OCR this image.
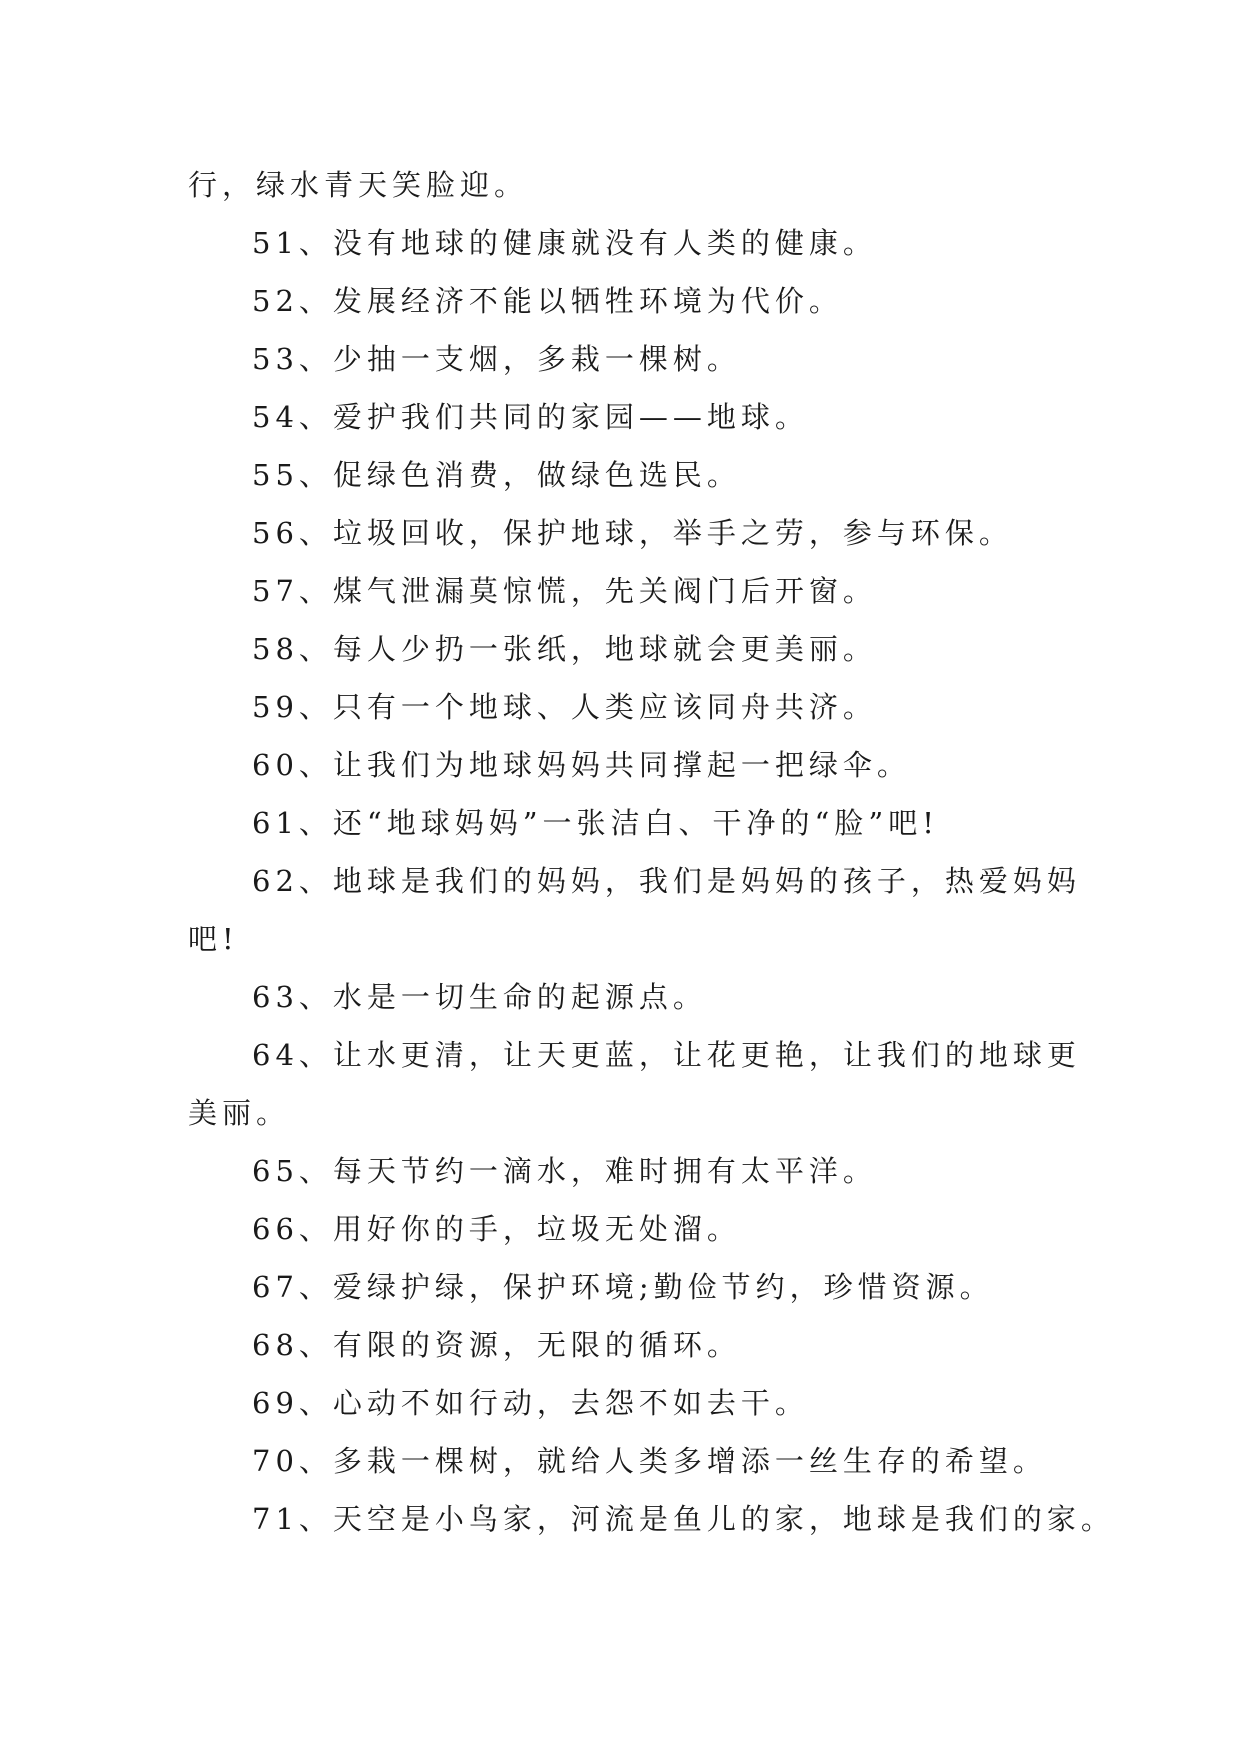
行，绿水青天笑脸迎。
51、没有地球的健康就没有人类的健康。
52、发展经济不能以牺牲环境为代价。
53、少抽一支烟，多栽一棵树。
54、爱护我们共同的家园——地球。
55、促绿色消费，做绿色选民。
56、垃圾回收，保护地球，举手之劳，参与环保。
57、煤气泄漏莫惊慌，先关阀门后开窗。
58、每人少扔一张纸，地球就会更美丽。
59、只有一个地球、人类应该同舟共济。
60、让我们为地球妈妈共同撑起一把绿伞。
61、还“地球妈妈”一张洁白、干净的“脸”吧!
62、地球是我们的妈妈，我们是妈妈的孩子，热爱妈妈
吧!
63、水是一切生命的起源点。
64、让水更清，让天更蓝，让花更艳，让我们的地球更
美丽。
65、每天节约一滴水，难时拥有太平洋。
66、用好你的手，垃圾无处溜。
67、爱绿护绿，保护环境;勤俭节约，珍惜资源。
68、有限的资源，无限的循环。
69、心动不如行动，去怨不如去干。
70、多栽一棵树，就给人类多增添一丝生存的希望。
71、天空是小鸟家，河流是鱼儿的家，地球是我们的家。
